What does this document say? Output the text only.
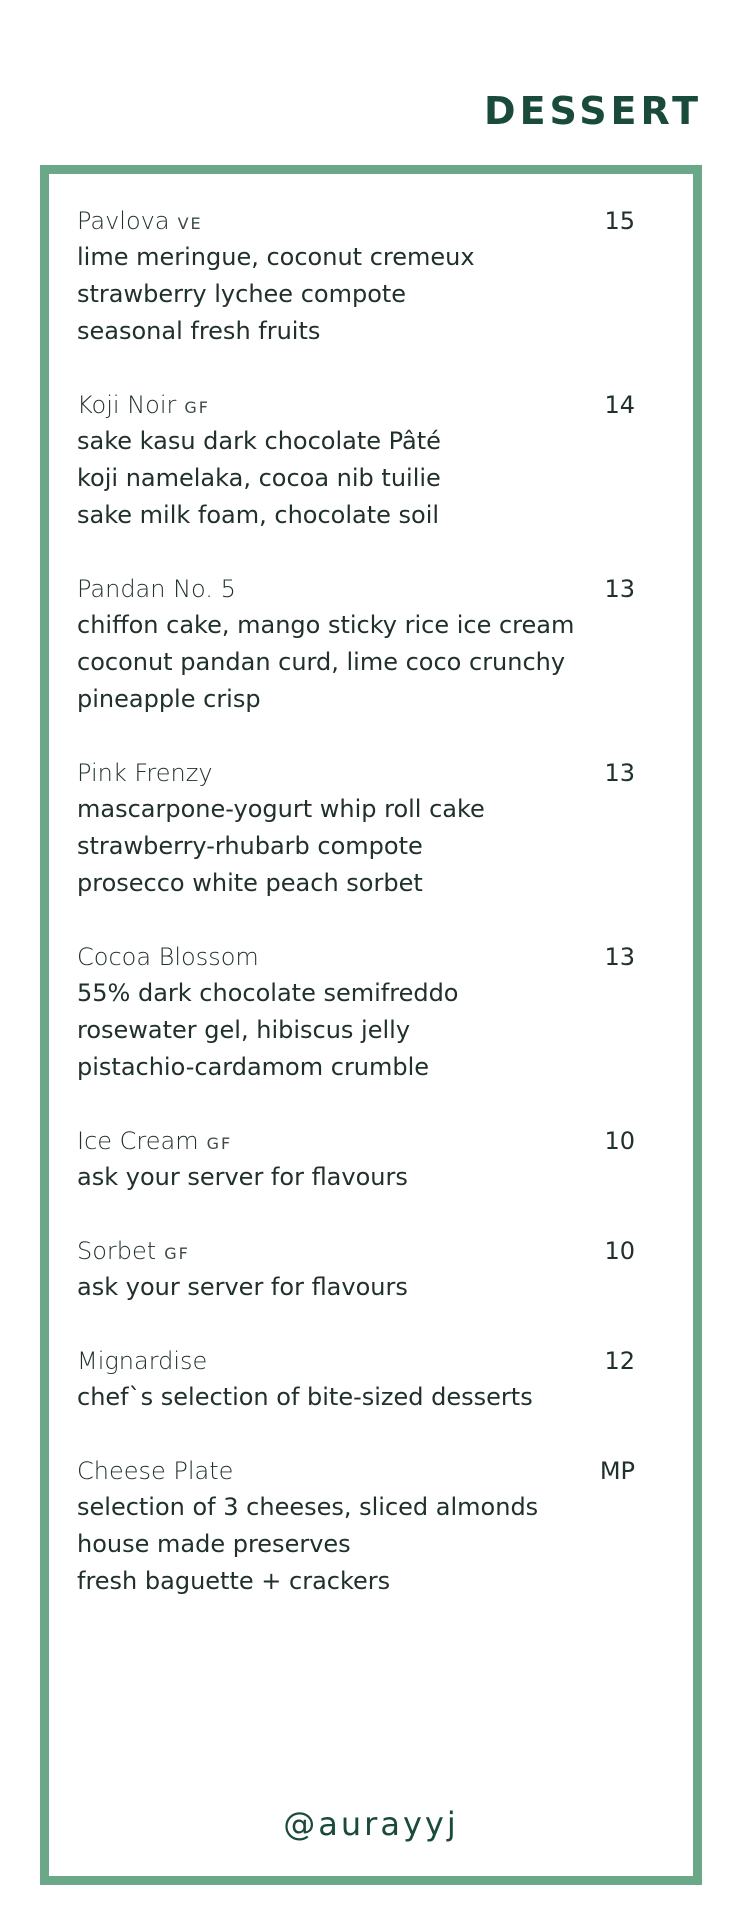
DESSERT
Pavlova VE	15
lime meringue, coconut cremeux
strawberry lychee compote
seasonal fresh fruits
Koji Noir GF	14
sake kasu dark chocolate Pâté
koji namelaka, cocoa nib tuilie
sake milk foam, chocolate soil
Pandan No. 5	13
chiffon cake, mango sticky rice ice cream
coconut pandan curd, lime coco crunchy
pineapple crisp
Pink Frenzy	13
mascarpone-yogurt whip roll cake
strawberry-rhubarb compote
prosecco white peach sorbet
Cocoa Blossom	13
55% dark chocolate semifreddo
rosewater gel, hibiscus jelly
pistachio-cardamom crumble
Ice Cream GF	10
ask your server for flavours
Sorbet GF	10
ask your server for flavours
Mignardise	12
chef`s selection of bite-sized desserts
Cheese Plate	MP
selection of 3 cheeses, sliced almonds
house made preserves
fresh baguette + crackers
@aurayyj
